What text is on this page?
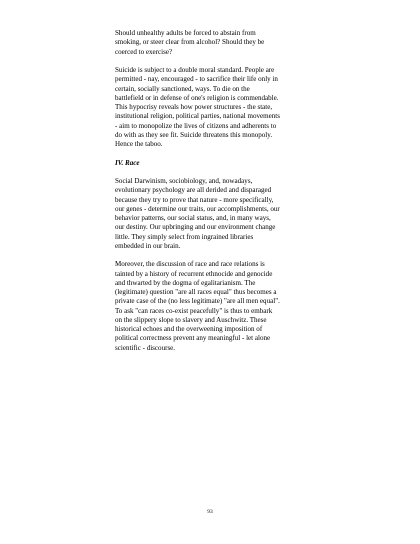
Should unhealthy adults be forced to abstain from
smoking, or steer clear from alcohol? Should they be
coerced to exercise?
Suicide is subject to a double moral standard. People are
permitted - nay, encouraged - to sacrifice their life only in
certain, socially sanctioned, ways. To die on the
battlefield or in defense of one's religion is commendable.
This hypocrisy reveals how power structures - the state,
institutional religion, political parties, national movements
- aim to monopolize the lives of citizens and adherents to
do with as they see fit. Suicide threatens this monopoly.
Hence the taboo.
IV. Race
Social Darwinism, sociobiology, and, nowadays,
evolutionary psychology are all derided and disparaged
because they try to prove that nature - more specifically,
our genes - determine our traits, our accomplishments, our
behavior patterns, our social status, and, in many ways,
our destiny. Our upbringing and our environment change
little. They simply select from ingrained libraries
embedded in our brain.
Moreover, the discussion of race and race relations is
tainted by a history of recurrent ethnocide and genocide
and thwarted by the dogma of egalitarianism. The
(legitimate) question "are all races equal" thus becomes a
private case of the (no less legitimate) "are all men equal".
To ask "can races co-exist peacefully" is thus to embark
on the slippery slope to slavery and Auschwitz. These
historical echoes and the overweening imposition of
political correctness prevent any meaningful - let alone
scientific - discourse.
93
